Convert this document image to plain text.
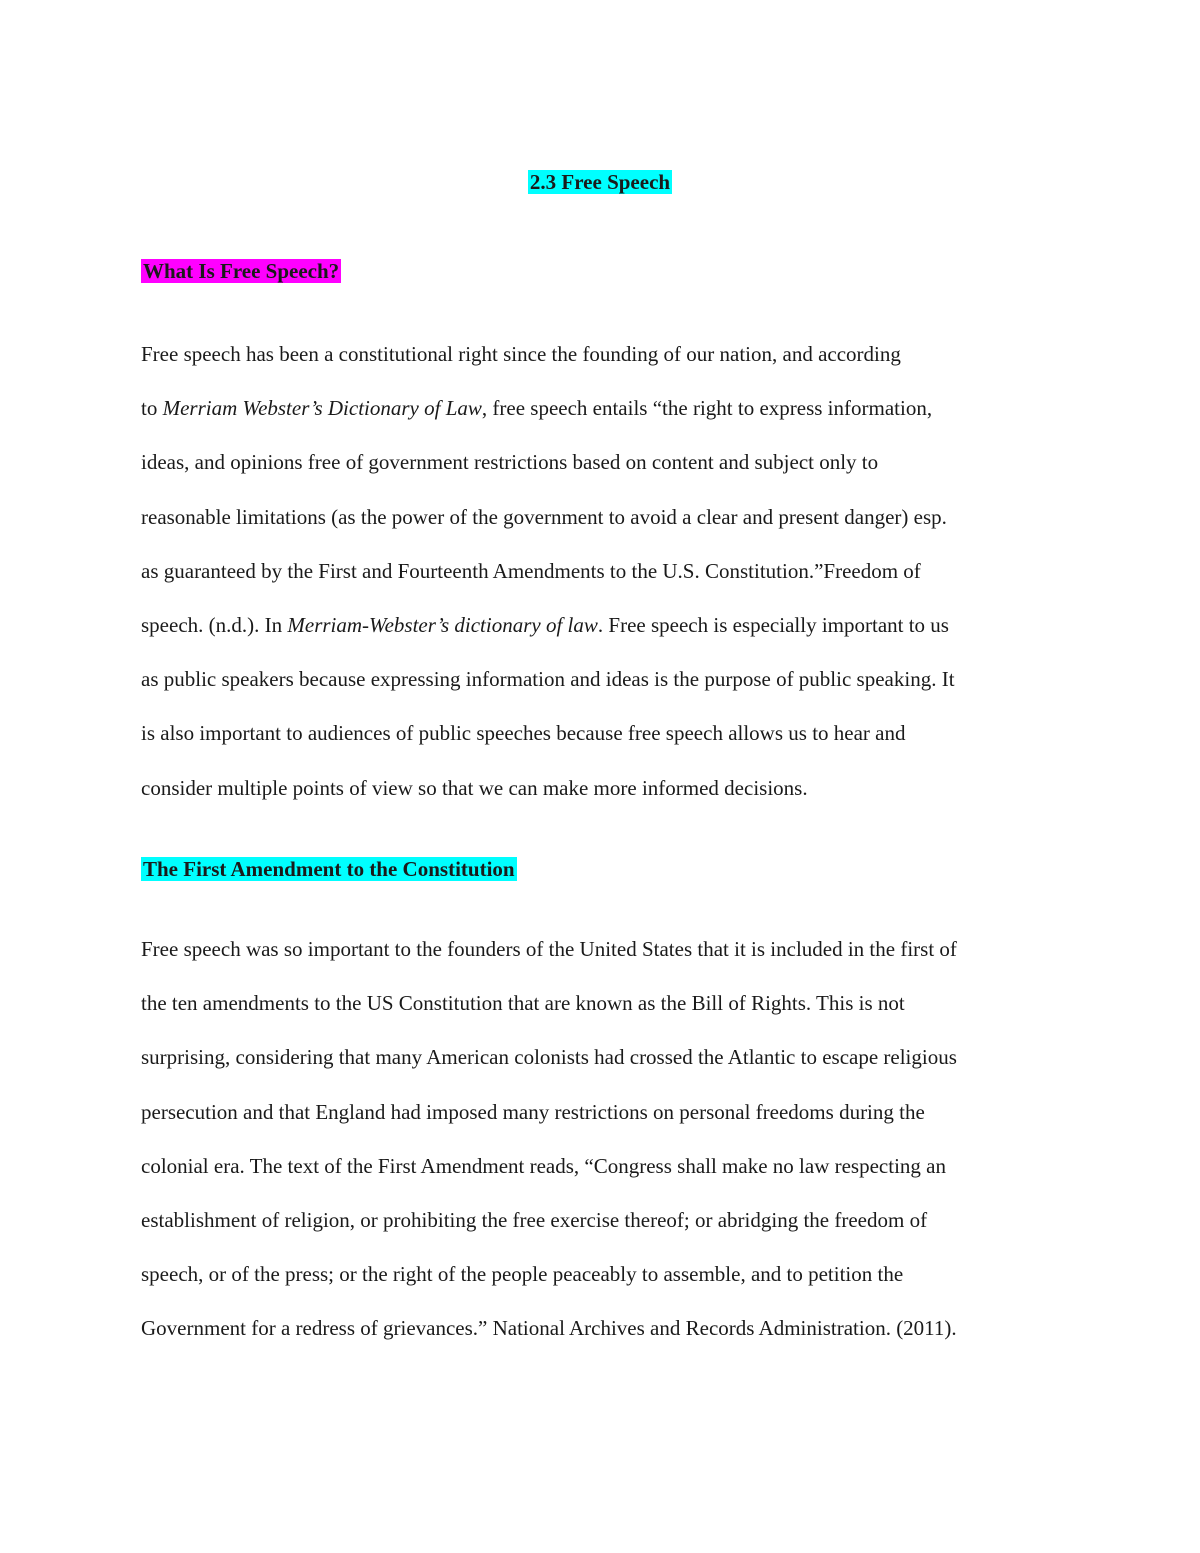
2.3 Free Speech
What Is Free Speech?
Free speech has been a constitutional right since the founding of our nation, and according
to Merriam Webster’s Dictionary of Law, free speech entails “the right to express information,
ideas, and opinions free of government restrictions based on content and subject only to
reasonable limitations (as the power of the government to avoid a clear and present danger) esp.
as guaranteed by the First and Fourteenth Amendments to the U.S. Constitution.”Freedom of
speech. (n.d.). In Merriam-Webster’s dictionary of law. Free speech is especially important to us
as public speakers because expressing information and ideas is the purpose of public speaking. It
is also important to audiences of public speeches because free speech allows us to hear and
consider multiple points of view so that we can make more informed decisions.
The First Amendment to the Constitution
Free speech was so important to the founders of the United States that it is included in the first of
the ten amendments to the US Constitution that are known as the Bill of Rights. This is not
surprising, considering that many American colonists had crossed the Atlantic to escape religious
persecution and that England had imposed many restrictions on personal freedoms during the
colonial era. The text of the First Amendment reads, “Congress shall make no law respecting an
establishment of religion, or prohibiting the free exercise thereof; or abridging the freedom of
speech, or of the press; or the right of the people peaceably to assemble, and to petition the
Government for a redress of grievances.” National Archives and Records Administration. (2011).
